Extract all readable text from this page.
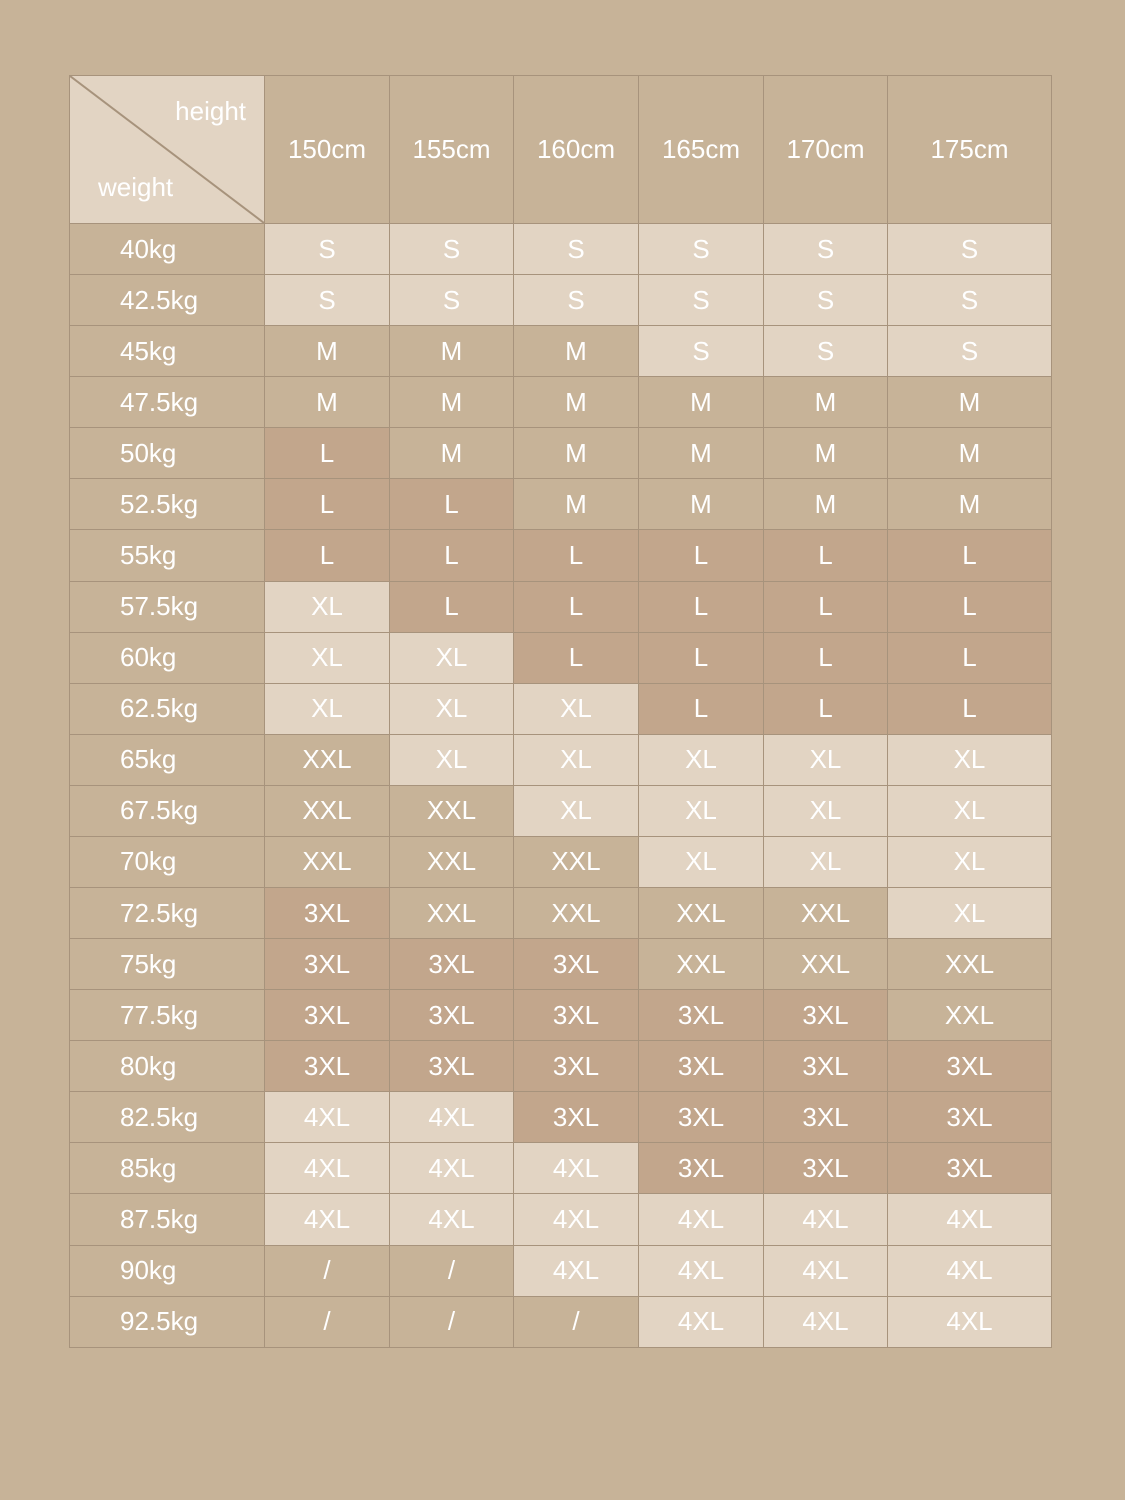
height
weight	150cm	155cm	160cm	165cm	170cm	175cm
40kg	S	S	S	S	S	S
42.5kg	S	S	S	S	S	S
45kg	M	M	M	S	S	S
47.5kg	M	M	M	M	M	M
50kg	L	M	M	M	M	M
52.5kg	L	L	M	M	M	M
55kg	L	L	L	L	L	L
57.5kg	XL	L	L	L	L	L
60kg	XL	XL	L	L	L	L
62.5kg	XL	XL	XL	L	L	L
65kg	XXL	XL	XL	XL	XL	XL
67.5kg	XXL	XXL	XL	XL	XL	XL
70kg	XXL	XXL	XXL	XL	XL	XL
72.5kg	3XL	XXL	XXL	XXL	XXL	XL
75kg	3XL	3XL	3XL	XXL	XXL	XXL
77.5kg	3XL	3XL	3XL	3XL	3XL	XXL
80kg	3XL	3XL	3XL	3XL	3XL	3XL
82.5kg	4XL	4XL	3XL	3XL	3XL	3XL
85kg	4XL	4XL	4XL	3XL	3XL	3XL
87.5kg	4XL	4XL	4XL	4XL	4XL	4XL
90kg	/	/	4XL	4XL	4XL	4XL
92.5kg	/	/	/	4XL	4XL	4XL
